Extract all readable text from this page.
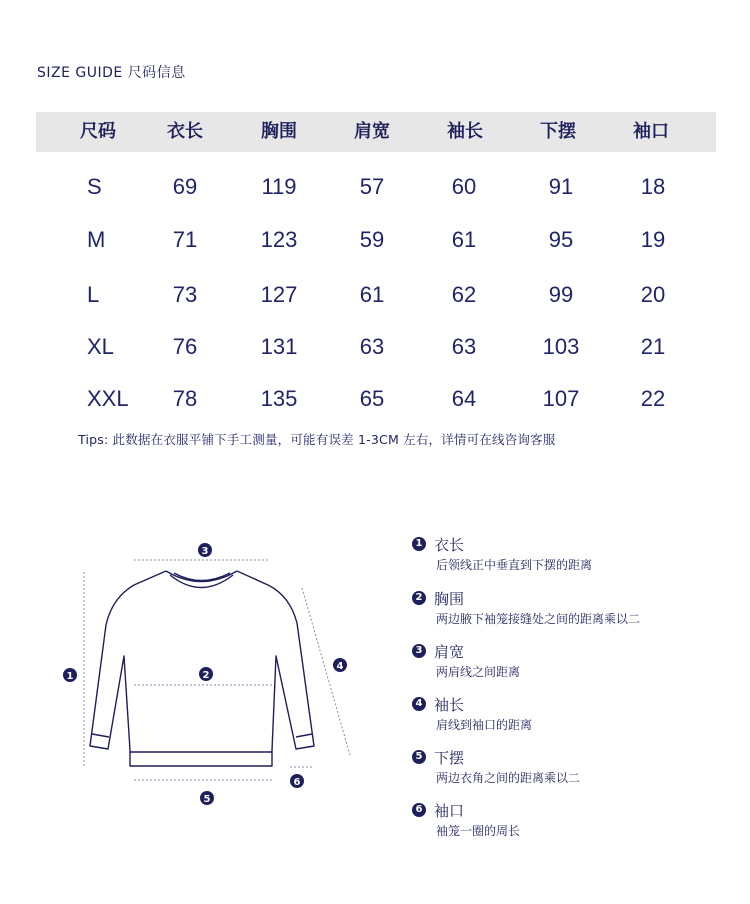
SIZE GUIDE 尺码信息
尺码	衣长	胸围	肩宽	袖长	下摆	袖口
S	69	119	57	60	91	18
M	71	123	59	61	95	19
L	73	127	61	62	99	20
XL	76	131	63	63	103	21
XXL	78	135	65	64	107	22
Tips: 此数据在衣服平铺下手工测量，可能有误差 1-3CM 左右，详情可在线咨询客服
1	2
3
4
5
6
1 衣长
后领线正中垂直到下摆的距离
2 胸围
两边腋下袖笼接缝处之间的距离乘以二
3 肩宽
两肩线之间距离
4 袖长
肩线到袖口的距离
5 下摆
两边衣角之间的距离乘以二
6 袖口
袖笼一圈的周长
